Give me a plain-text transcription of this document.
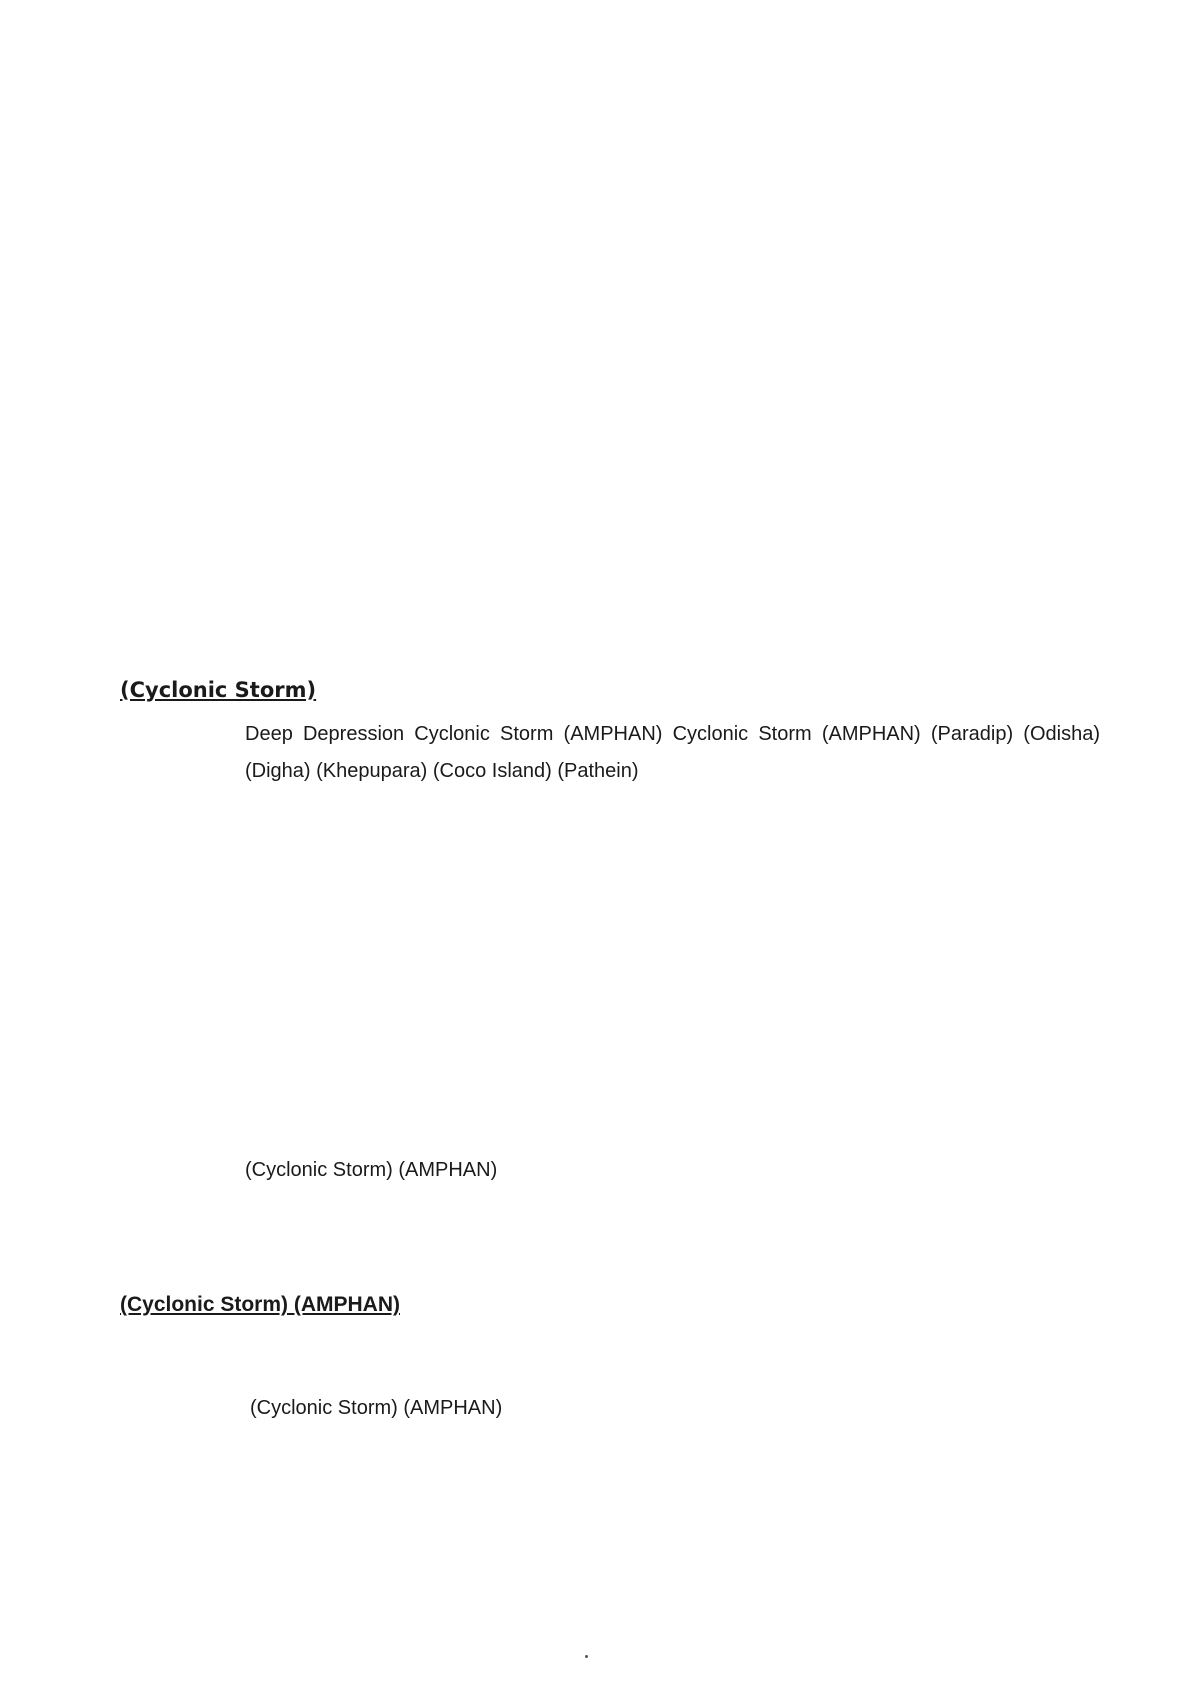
(Cyclonic Storm)
Deep Depression Cyclonic Storm (AMPHAN) Cyclonic Storm (AMPHAN) (Paradip) (Odisha) (Digha) (Khepupara) (Coco Island) (Pathein)
(Cyclonic Storm) (AMPHAN)
(Cyclonic Storm) (AMPHAN)
(Cyclonic Storm) (AMPHAN)
